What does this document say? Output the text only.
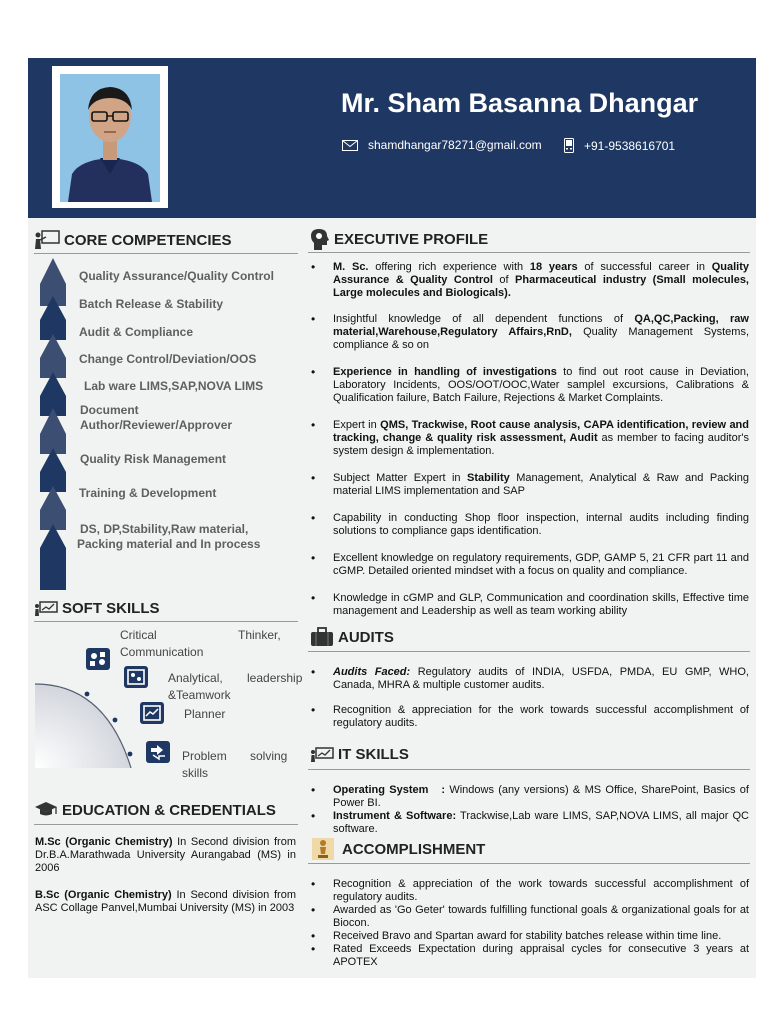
Mr. Sham Basanna Dhangar
shamdhangar78271@gmail.com	+91-9538616701
CORE COMPETENCIES
Quality Assurance/Quality Control
Batch Release & Stability
Audit & Compliance
Change Control/Deviation/OOS
Lab ware LIMS,SAP,NOVA LIMS
Document
Author/Reviewer/Approver
Quality Risk Management
Training & Development
DS, DP,Stability,Raw material,
Packing material and In process
SOFT SKILLS
Critical	Thinker,
Communication
Analytical, leadership
&Teamwork
Planner
Problem solving
skills
EDUCATION & CREDENTIALS
M.Sc (Organic Chemistry) In Second division from Dr.B.A.Marathwada University Aurangabad (MS) in 2006
B.Sc (Organic Chemistry) In Second division from ASC Collage Panvel,Mumbai University (MS) in 2003
EXECUTIVE PROFILE
• M. Sc. offering rich experience with 18 years of successful career in Quality Assurance & Quality Control of Pharmaceutical industry (Small molecules, Large molecules and Biologicals).
• Insightful knowledge of all dependent functions of QA,QC,Packing, raw material,Warehouse,Regulatory Affairs,RnD, Quality Management Systems, compliance & so on
• Experience in handling of investigations to find out root cause in Deviation, Laboratory Incidents, OOS/OOT/OOC,Water samplel excursions, Calibrations & Qualification failure, Batch Failure, Rejections & Market Complaints.
• Expert in QMS, Trackwise, Root cause analysis, CAPA identification, review and tracking, change & quality risk assessment, Audit as member to facing auditor's system design & implementation.
• Subject Matter Expert in Stability Management, Analytical & Raw and Packing material LIMS implementation and SAP
• Capability in conducting Shop floor inspection, internal audits including finding solutions to compliance gaps identification.
• Excellent knowledge on regulatory requirements, GDP, GAMP 5, 21 CFR part 11 and cGMP. Detailed oriented mindset with a focus on quality and compliance.
• Knowledge in cGMP and GLP, Communication and coordination skills, Effective time management and Leadership as well as team working ability
AUDITS
• Audits Faced: Regulatory audits of INDIA, USFDA, PMDA, EU GMP, WHO, Canada, MHRA & multiple customer audits.
• Recognition & appreciation for the work towards successful accomplishment of regulatory audits.
IT SKILLS
• Operating System   : Windows (any versions) & MS Office, SharePoint, Basics of Power BI.
• Instrument & Software: Trackwise,Lab ware LIMS, SAP,NOVA LIMS, all major QC software.
ACCOMPLISHMENT
• Recognition & appreciation of the work towards successful accomplishment of regulatory audits.
• Awarded as 'Go Geter' towards fulfilling functional goals & organizational goals for at Biocon.
• Received Bravo and Spartan award for stability batches release within time line.
• Rated Exceeds Expectation during appraisal cycles for consecutive 3 years at APOTEX
